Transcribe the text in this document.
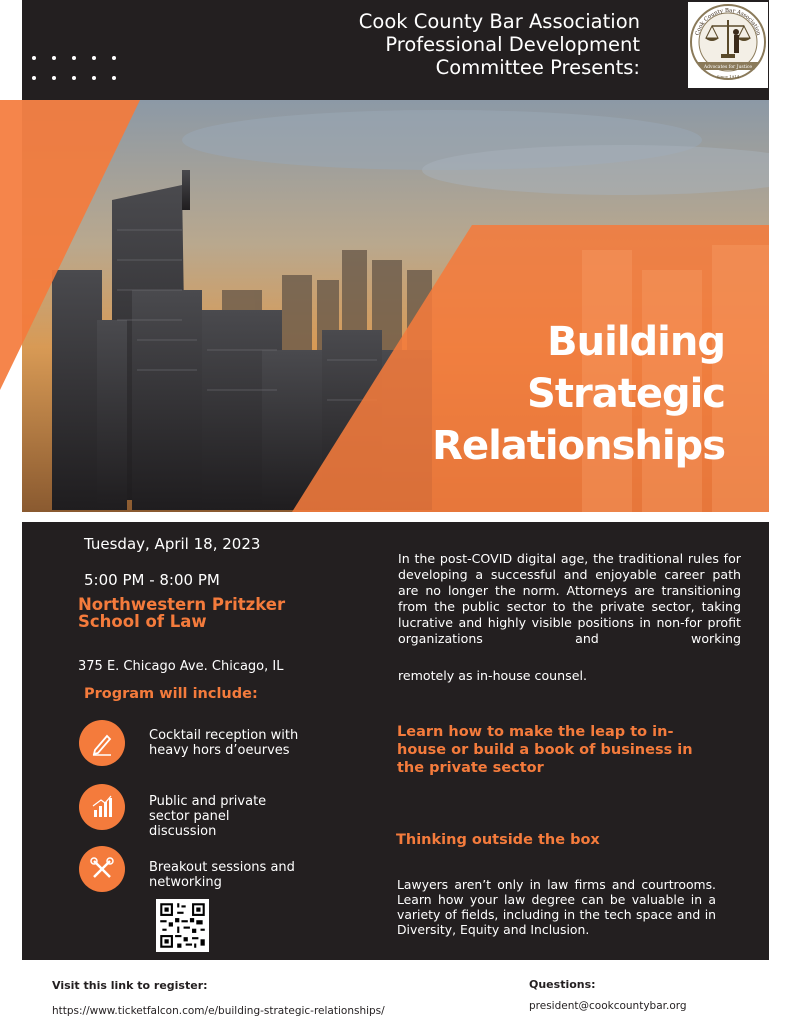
Cook County Bar Association
Professional Development
Committee Presents:	Advocates for Justice
Since 1914
Cook County Bar Association
Building
Strategic
Relationships
Tuesday, April 18, 2023
5:00 PM - 8:00 PM
Northwestern Pritzker School of Law
375 E. Chicago Ave. Chicago, IL
Program will include:
Cocktail reception with heavy hors d’oeurves
Public and private sector panel discussion
Breakout sessions and networking
In the post-COVID digital age, the traditional rules for developing a successful and enjoyable career path are no longer the norm. Attorneys are transitioning from the public sector to the private sector, taking lucrative and highly visible positions in non-for profit organizations and working
remotely as in-house counsel.
Learn how to make the leap to in-house or build a book of business in the private sector
Thinking outside the box
Lawyers aren’t only in law firms and courtrooms. Learn how your law degree can be valuable in a variety of fields, including in the tech space and in Diversity, Equity and Inclusion.
Visit this link to register:
https://www.ticketfalcon.com/e/building-strategic-relationships/
Questions:
president@cookcountybar.org
